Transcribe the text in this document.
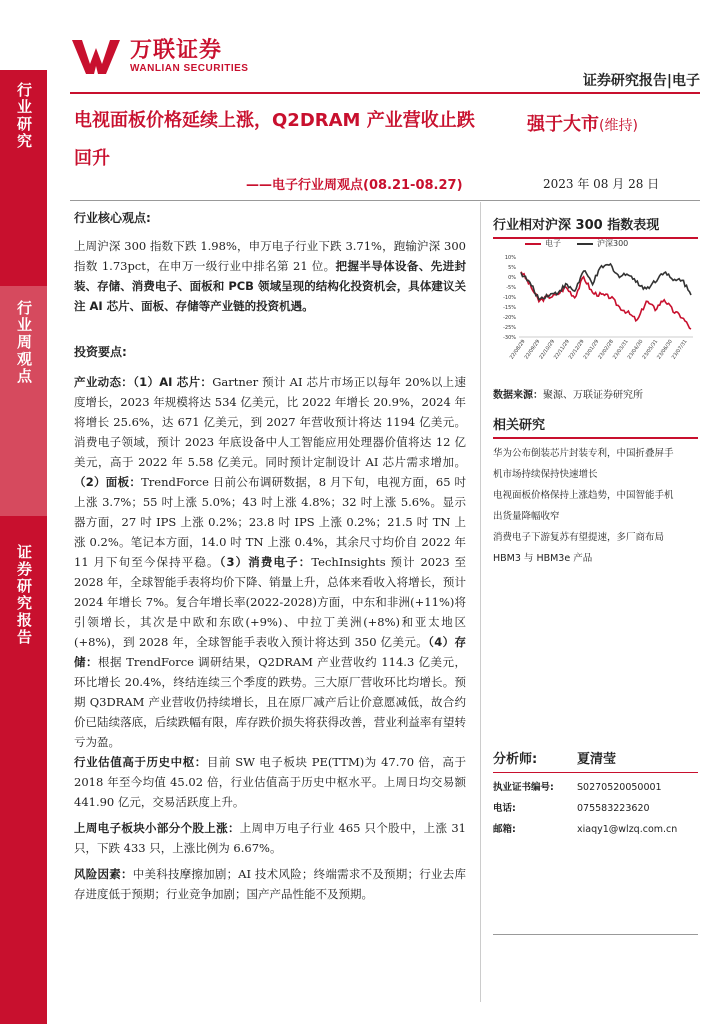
行业研究
行业周观点
证券研究报告
万联证券
WANLIAN SECURITIES
证券研究报告|电子
电视面板价格延续上涨，Q2DRAM 产业营收止跌回升
——电子行业周观点(08.21-08.27)
强于大市(维持)
2023 年 08 月 28 日
行业核心观点:

上周沪深 300 指数下跌 1.98%，申万电子行业下跌 3.71%，跑输沪深 300 指数 1.73pct，在申万一级行业中排名第 21 位。把握半导体设备、先进封装、存储、消费电子、面板和 PCB 领域呈现的结构化投资机会，具体建议关注 AI 芯片、面板、存储等产业链的投资机遇。

投资要点:

产业动态：（1）AI 芯片：Gartner 预计 AI 芯片市场正以每年 20%以上速度增长，2023 年规模将达 534 亿美元，比 2022 年增长 20.9%，2024 年将增长 25.6%，达 671 亿美元，到 2027 年营收预计将达 1194 亿美元。消费电子领域，预计 2023 年底设备中人工智能应用处理器价值将达 12 亿美元，高于 2022 年 5.58 亿美元。同时预计定制设计 AI 芯片需求增加。（2）面板：TrendForce 日前公布调研数据，8 月下旬，电视方面，65 吋上涨 3.7%；55 吋上涨 5.0%；43 吋上涨 4.8%；32 吋上涨 5.6%。显示器方面，27 吋 IPS 上涨 0.2%；23.8 吋 IPS 上涨 0.2%；21.5 吋 TN 上涨 0.2%。笔记本方面，14.0 吋 TN 上涨 0.4%，其余尺寸均价自 2022 年 11 月下旬至今保持平稳。（3）消费电子：TechInsights 预计 2023 至 2028 年，全球智能手表将均价下降、销量上升，总体来看收入将增长，预计 2024 年增长 7%。复合年增长率(2022-2028)方面，中东和非洲(+11%)将引领增长，其次是中欧和东欧(+9%)、中拉丁美洲(+8%)和亚太地区(+8%)，到 2028 年，全球智能手表收入预计将达到 350 亿美元。（4）存储：根据 TrendForce 调研结果，Q2DRAM 产业营收约 114.3 亿美元，环比增长 20.4%，终结连续三个季度的跌势。三大原厂营收环比均增长。预期 Q3DRAM 产业营收仍持续增长，且在原厂减产后让价意愿减低，故合约价已陆续落底，后续跌幅有限，库存跌价损失将获得改善，营业利益率有望转亏为盈。

行业估值高于历史中枢：目前 SW 电子板块 PE(TTM)为 47.70 倍，高于 2018 年至今均值 45.02 倍，行业估值高于历史中枢水平。上周日均交易额 441.90 亿元，交易活跃度上升。

上周电子板块小部分个股上涨：上周申万电子行业 465 只个股中，上涨 31 只，下跌 433 只，上涨比例为 6.67%。

风险因素：中美科技摩擦加剧；AI 技术风险；终端需求不及预期；行业去库存进度低于预期；行业竞争加剧；国产产品性能不及预期。

行业相对沪深 300 指数表现
电子	沪深300
10%
5%
0%
-5%
-10%
-15%
-20%
-25%
-30%
22/08/29
22/09/29
22/10/29
22/11/29
22/12/29
23/01/29
23/02/28
23/03/31
23/04/30
23/05/31
23/06/30
23/07/31
数据来源：聚源、万联证券研究所
相关研究
华为公布倒装芯片封装专利，中国折叠屏手
机市场持续保持快速增长
电视面板价格保持上涨趋势，中国智能手机
出货量降幅收窄
消费电子下游复苏有望提速，多厂商布局
HBM3 与 HBM3e 产品
分析师:	夏清莹
执业证书编号:	S0270520050001
电话:	075583223620
邮箱:	xiaqy1@wlzq.com.cn
